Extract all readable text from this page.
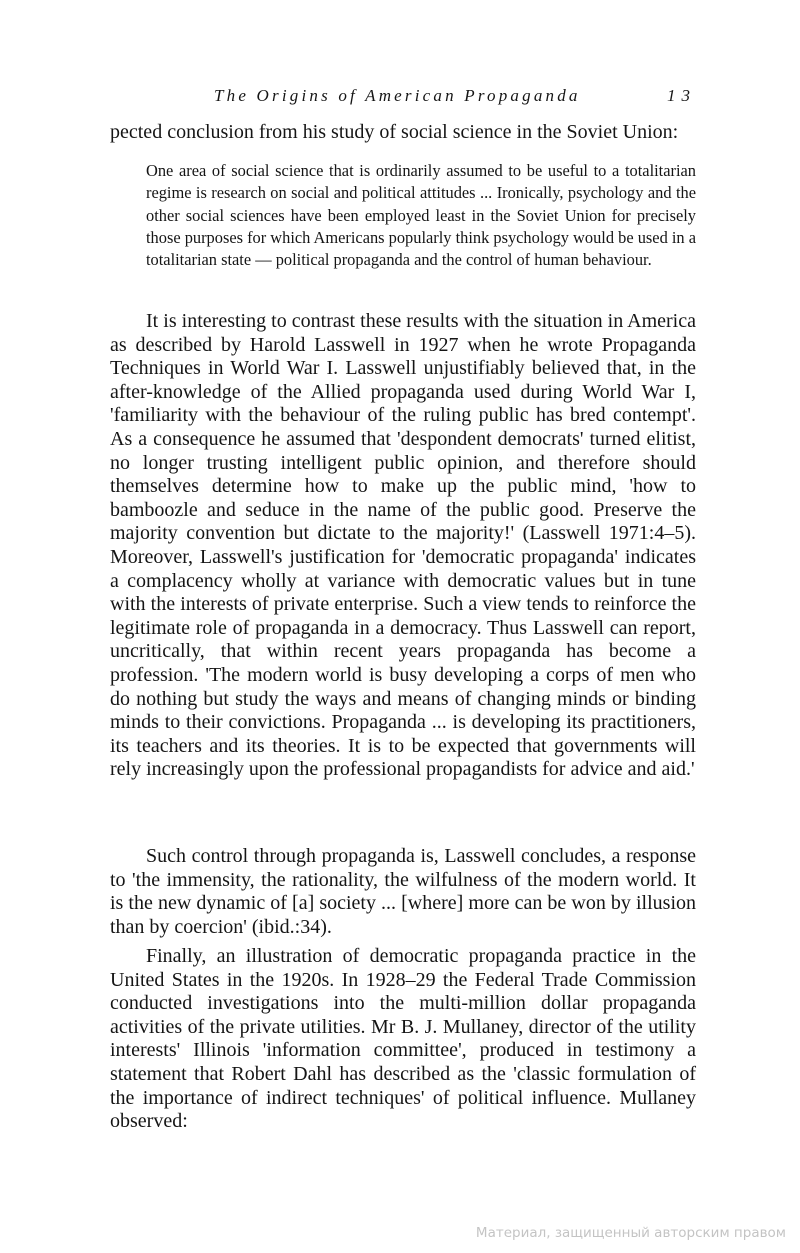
The Origins of American Propaganda	13

pected conclusion from his study of social science in the Soviet Union:

One area of social science that is ordinarily assumed to be useful to a totalitarian regime is research on social and political attitudes ... Ironically, psychology and the other social sciences have been employed least in the Soviet Union for precisely those purposes for which Americans popularly think psychology would be used in a totalitarian state — political propaganda and the control of human behaviour.

It is interesting to contrast these results with the situation in America as described by Harold Lasswell in 1927 when he wrote Propaganda Techniques in World War I. Lasswell unjustifiably believed that, in the after-knowledge of the Allied propaganda used during World War I, 'familiarity with the behaviour of the ruling public has bred contempt'. As a consequence he assumed that 'despondent democrats' turned elitist, no longer trusting intelligent public opinion, and therefore should themselves determine how to make up the public mind, 'how to bamboozle and seduce in the name of the public good. Preserve the majority convention but dictate to the majority!' (Lasswell 1971:4–5). Moreover, Lasswell's justification for 'democratic propaganda' indicates a complacency wholly at variance with democratic values but in tune with the interests of private enterprise. Such a view tends to reinforce the legitimate role of propaganda in a democracy. Thus Lasswell can report, uncritically, that within recent years propaganda has become a profession. 'The modern world is busy developing a corps of men who do nothing but study the ways and means of changing minds or binding minds to their convictions. Propaganda ... is developing its practitioners, its teachers and its theories. It is to be expected that governments will rely increasingly upon the professional propagandists for advice and aid.'

Such control through propaganda is, Lasswell concludes, a response to 'the immensity, the rationality, the wilfulness of the modern world. It is the new dynamic of [a] society ... [where] more can be won by illusion than by coercion' (ibid.:34).

Finally, an illustration of democratic propaganda practice in the United States in the 1920s. In 1928–29 the Federal Trade Commission conducted investigations into the multi-million dollar propaganda activities of the private utilities. Mr B. J. Mullaney, director of the utility interests' Illinois 'information committee', produced in testimony a statement that Robert Dahl has described as the 'classic formulation of the importance of indirect techniques' of political influence. Mullaney observed:

Материал, защищенный авторским правом
